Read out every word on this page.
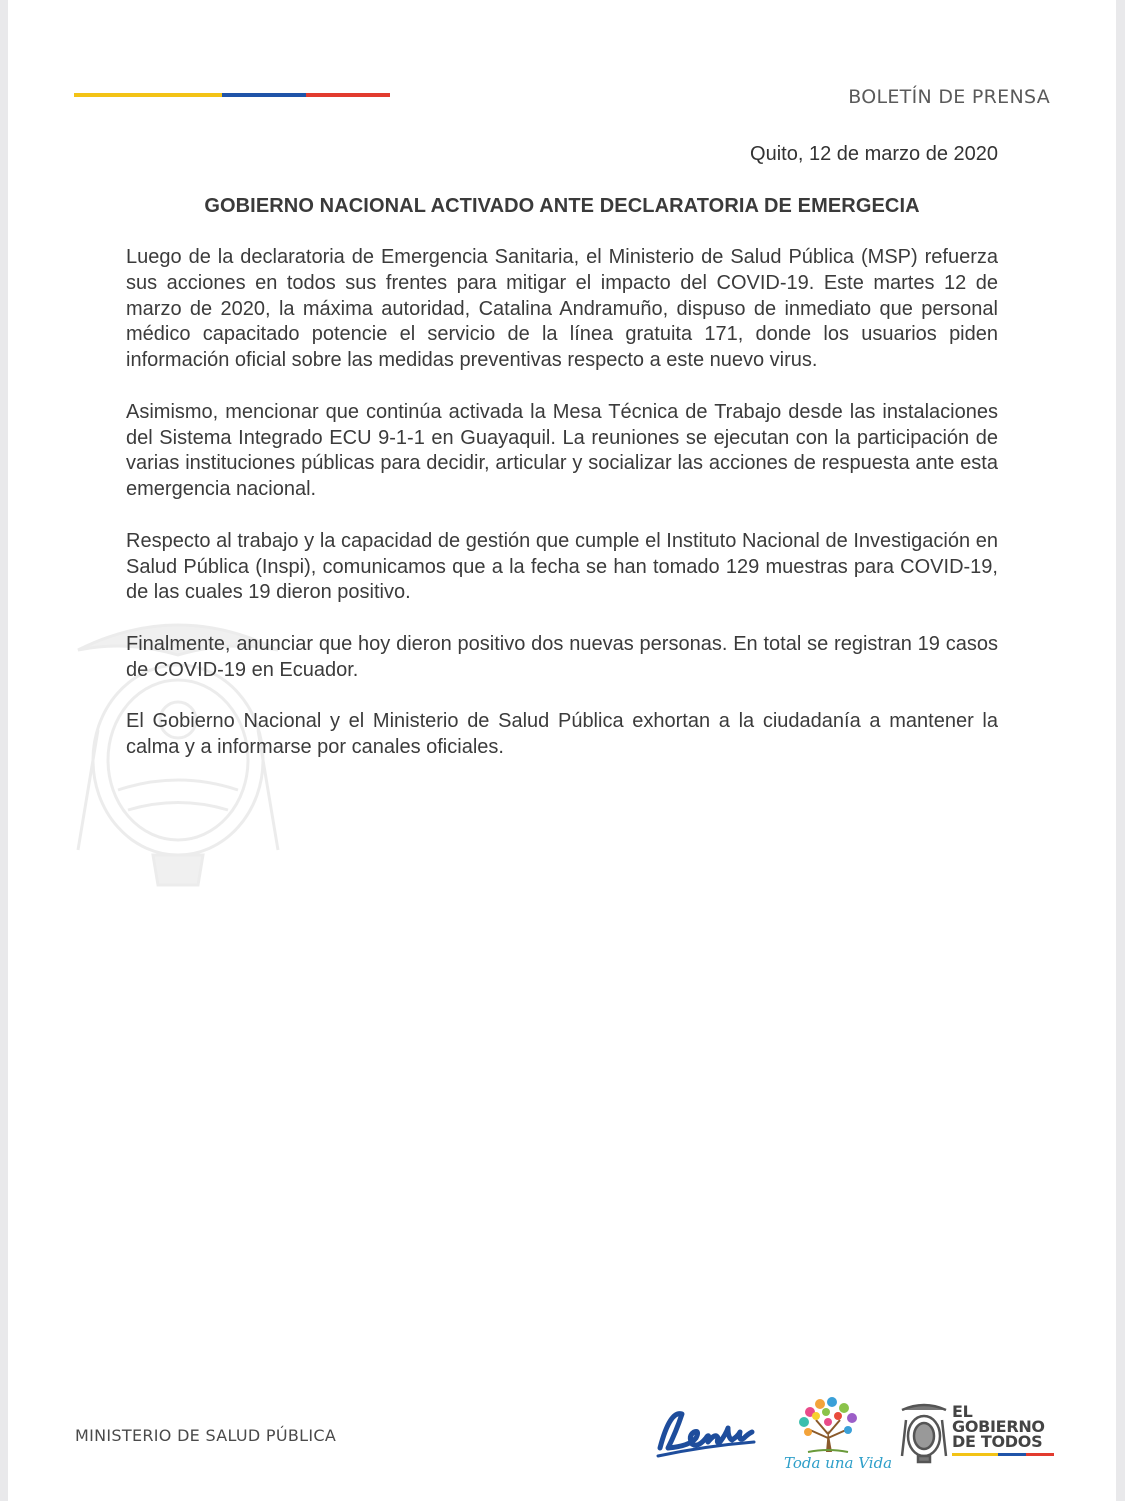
BOLETÍN DE PRENSA
Quito, 12 de marzo de 2020
GOBIERNO NACIONAL ACTIVADO ANTE DECLARATORIA DE EMERGECIA

Luego de la declaratoria de Emergencia Sanitaria, el Ministerio de Salud Pública (MSP) refuerza sus acciones en todos sus frentes para mitigar el impacto del COVID-19. Este martes 12 de marzo de 2020, la máxima autoridad, Catalina Andramuño, dispuso de inmediato que personal médico capacitado potencie el servicio de la línea gratuita 171, donde los usuarios piden información oficial sobre las medidas preventivas respecto a este nuevo virus.

Asimismo, mencionar que continúa activada la Mesa Técnica de Trabajo desde las instalaciones del Sistema Integrado ECU 9-1-1 en Guayaquil. La reuniones se ejecutan con la participación de varias instituciones públicas para decidir, articular y socializar las acciones de respuesta ante esta emergencia nacional.

Respecto al trabajo y la capacidad de gestión que cumple el Instituto Nacional de Investigación en Salud Pública (Inspi), comunicamos que a la fecha se han tomado 129 muestras para COVID-19, de las cuales 19 dieron positivo.

Finalmente, anunciar que hoy dieron positivo dos nuevas personas. En total se registran 19 casos de COVID-19 en Ecuador.

El Gobierno Nacional y el Ministerio de Salud Pública exhortan a la ciudadanía a mantener la calma y a informarse por canales oficiales.

MINISTERIO DE SALUD PÚBLICA
Toda una Vida
EL
GOBIERNO
DE TODOS
